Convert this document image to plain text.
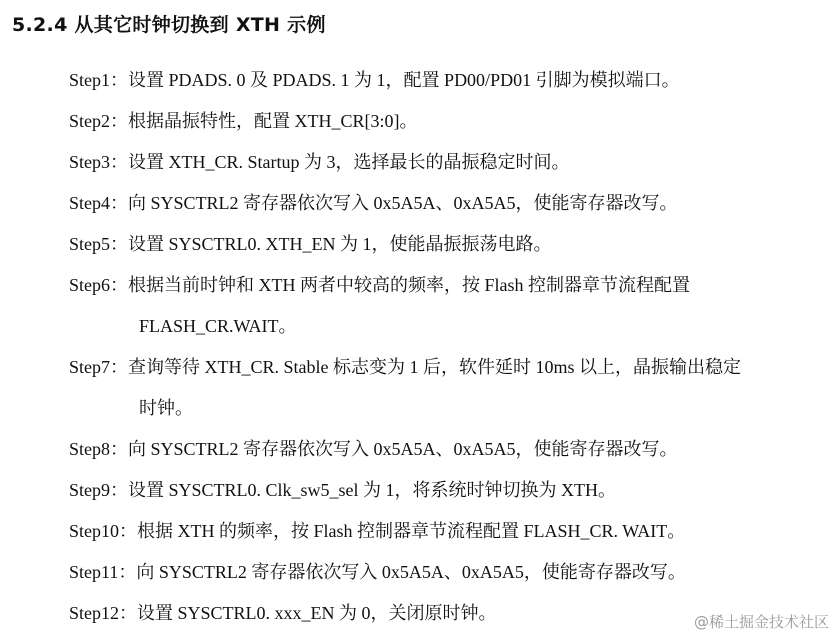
5.2.4 从其它时钟切换到 XTH 示例
Step1： 设置 PDADS. 0 及 PDADS. 1 为 1，配置 PD00/PD01 引脚为模拟端口。
Step2： 根据晶振特性，配置 XTH_CR[3:0]。
Step3： 设置 XTH_CR. Startup 为 3，选择最长的晶振稳定时间。
Step4： 向 SYSCTRL2 寄存器依次写入 0x5A5A、0xA5A5，使能寄存器改写。
Step5： 设置 SYSCTRL0. XTH_EN 为 1，使能晶振振荡电路。
Step6： 根据当前时钟和 XTH 两者中较高的频率，按 Flash 控制器章节流程配置
FLASH_CR.WAIT。
Step7： 查询等待 XTH_CR. Stable 标志变为 1 后，软件延时 10ms 以上，晶振输出稳定
时钟。
Step8： 向 SYSCTRL2 寄存器依次写入 0x5A5A、0xA5A5，使能寄存器改写。
Step9： 设置 SYSCTRL0. Clk_sw5_sel 为 1，将系统时钟切换为 XTH。
Step10： 根据 XTH 的频率，按 Flash 控制器章节流程配置 FLASH_CR. WAIT。
Step11： 向 SYSCTRL2 寄存器依次写入 0x5A5A、0xA5A5，使能寄存器改写。
Step12： 设置 SYSCTRL0. xxx_EN 为 0，关闭原时钟。	@稀土掘金技术社区
